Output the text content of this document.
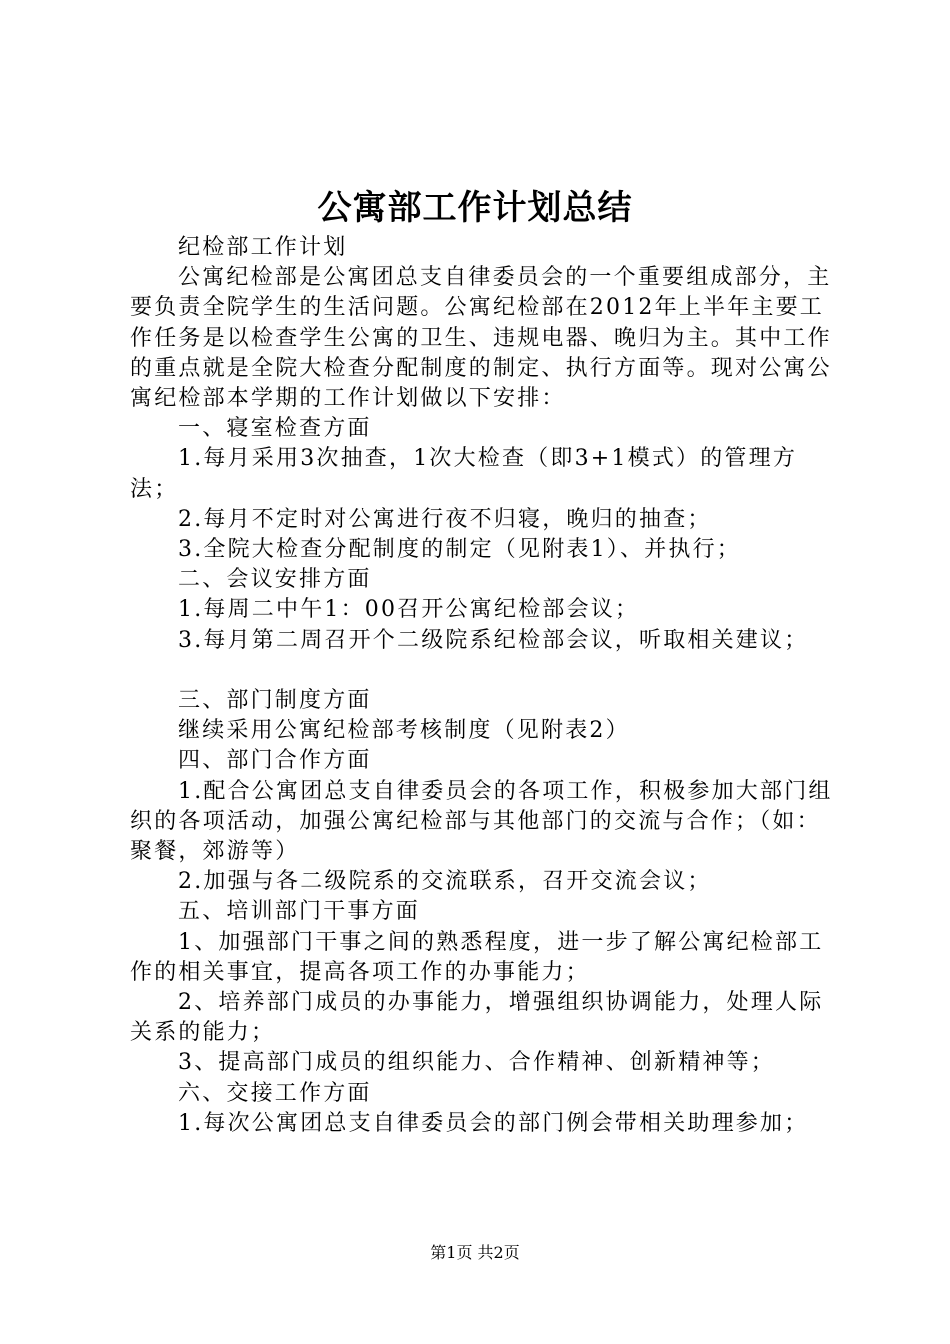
公寓部工作计划总结

纪检部工作计划

公寓纪检部是公寓团总支自律委员会的一个重要组成部分，主要负责全院学生的生活问题。公寓纪检部在2012年上半年主要工作任务是以检查学生公寓的卫生、违规电器、晚归为主。其中工作的重点就是全院大检查分配制度的制定、执行方面等。现对公寓公寓纪检部本学期的工作计划做以下安排：

一、寝室检查方面

1.每月采用3次抽查，1次大检查（即3+1模式）的管理方法；

2.每月不定时对公寓进行夜不归寝，晚归的抽查；

3.全院大检查分配制度的制定（见附表1）、并执行；

二、会议安排方面

1.每周二中午1：00召开公寓纪检部会议；

3.每月第二周召开个二级院系纪检部会议，听取相关建议；

三、部门制度方面

继续采用公寓纪检部考核制度（见附表2）

四、部门合作方面

1.配合公寓团总支自律委员会的各项工作，积极参加大部门组织的各项活动，加强公寓纪检部与其他部门的交流与合作；（如：聚餐，郊游等）

2.加强与各二级院系的交流联系，召开交流会议；

五、培训部门干事方面

1、加强部门干事之间的熟悉程度，进一步了解公寓纪检部工作的相关事宜，提高各项工作的办事能力；

2、培养部门成员的办事能力，增强组织协调能力，处理人际关系的能力；

3、提高部门成员的组织能力、合作精神、创新精神等；

六、交接工作方面

1.每次公寓团总支自律委员会的部门例会带相关助理参加；

第1页 共2页
